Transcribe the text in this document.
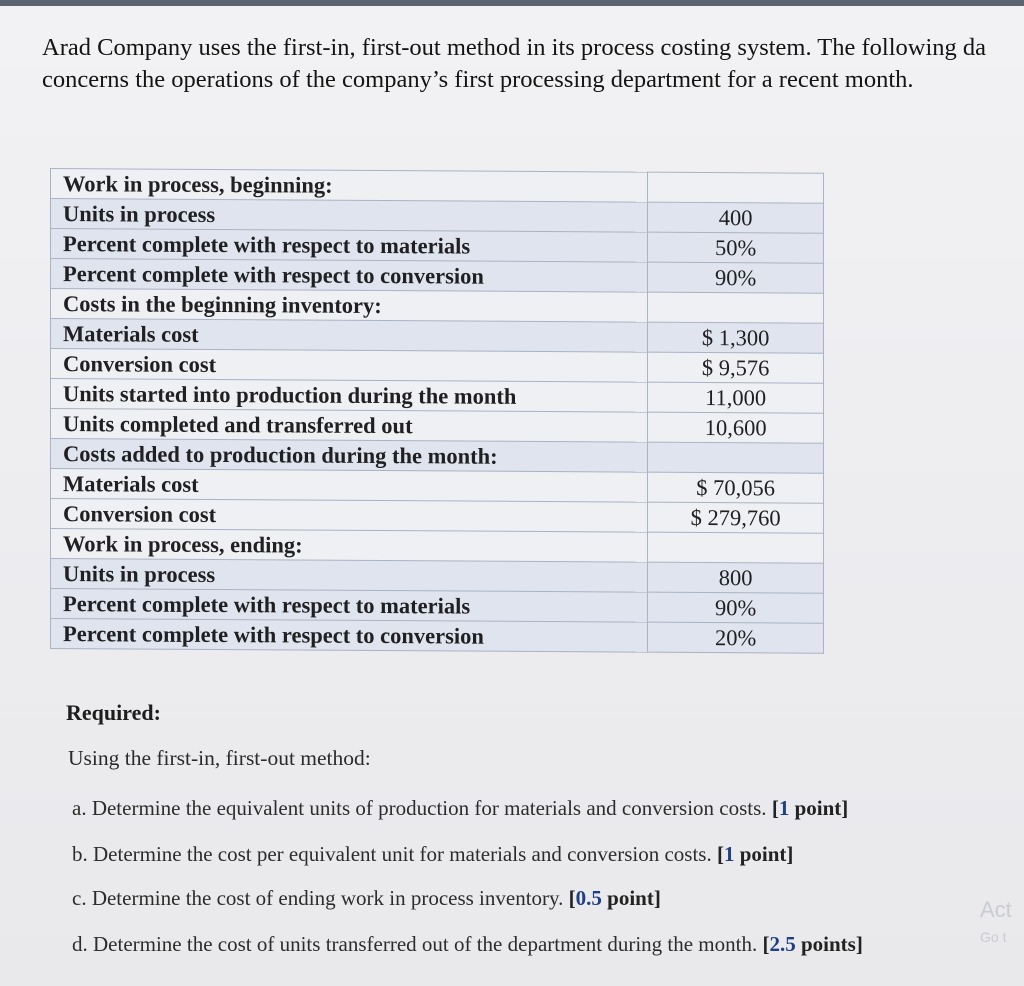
Arad Company uses the first-in, first-out method in its process costing system. The following da
concerns the operations of the company’s first processing department for a recent month.
Work in process, beginning:	
Units in process	400
Percent complete with respect to materials	50%
Percent complete with respect to conversion	90%
Costs in the beginning inventory:	
Materials cost	$ 1,300
Conversion cost	$ 9,576
Units started into production during the month	11,000
Units completed and transferred out	10,600
Costs added to production during the month:	
Materials cost	$ 70,056
Conversion cost	$ 279,760
Work in process, ending:	
Units in process	800
Percent complete with respect to materials	90%
Percent complete with respect to conversion	20%
Required:
Using the first-in, first-out method:
a. Determine the equivalent units of production for materials and conversion costs. [1 point]
b. Determine the cost per equivalent unit for materials and conversion costs. [1 point]
c. Determine the cost of ending work in process inventory. [0.5 point]
d. Determine the cost of units transferred out of the department during the month. [2.5 points]
Act
Go t
